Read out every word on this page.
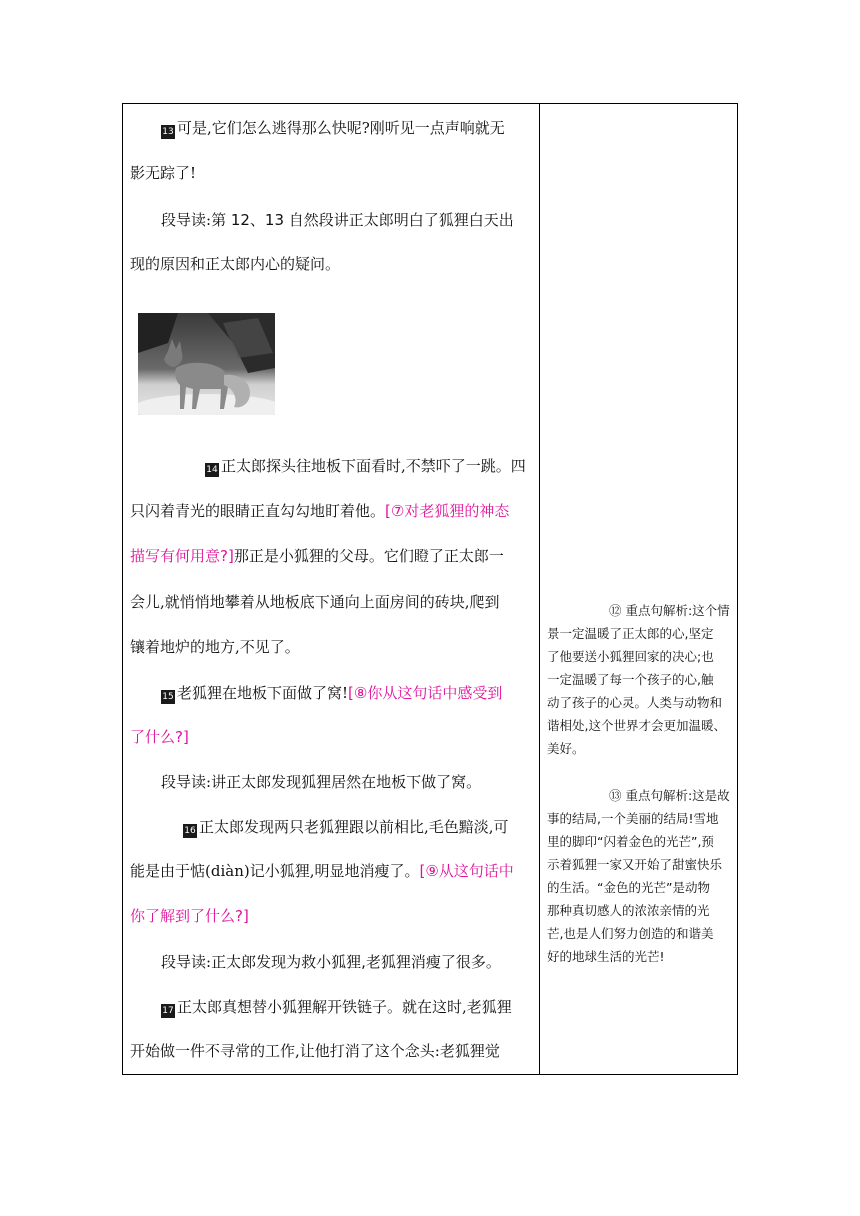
13 可是,它们怎么逃得那么快呢?刚听见一点声响就无
影无踪了!
段导读:第 12、13 自然段讲正太郎明白了狐狸白天出
现的原因和正太郎内心的疑问。
14 正太郎探头往地板下面看时,不禁吓了一跳。四
只闪着青光的眼睛正直勾勾地盯着他。[⑦对老狐狸的神态
描写有何用意?]那正是小狐狸的父母。它们瞪了正太郎一
会儿,就悄悄地攀着从地板底下通向上面房间的砖块,爬到
镶着地炉的地方,不见了。
15 老狐狸在地板下面做了窝![⑧你从这句话中感受到
了什么?]
段导读:讲正太郎发现狐狸居然在地板下做了窝。
16 正太郎发现两只老狐狸跟以前相比,毛色黯淡,可
能是由于惦(diàn)记小狐狸,明显地消瘦了。[⑨从这句话中
你了解到了什么?]
段导读:正太郎发现为救小狐狸,老狐狸消瘦了很多。
17 正太郎真想替小狐狸解开铁链子。就在这时,老狐狸
开始做一件不寻常的工作,让他打消了这个念头:老狐狸觉
⑫ 重点句解析:这个情
景一定温暖了正太郎的心,坚定
了他要送小狐狸回家的决心;也
一定温暖了每一个孩子的心,触
动了孩子的心灵。人类与动物和
谐相处,这个世界才会更加温暖、
美好。
⑬ 重点句解析:这是故
事的结局,一个美丽的结局!雪地
里的脚印“闪着金色的光芒”,预
示着狐狸一家又开始了甜蜜快乐
的生活。“金色的光芒”是动物
那种真切感人的浓浓亲情的光
芒,也是人们努力创造的和谐美
好的地球生活的光芒!
